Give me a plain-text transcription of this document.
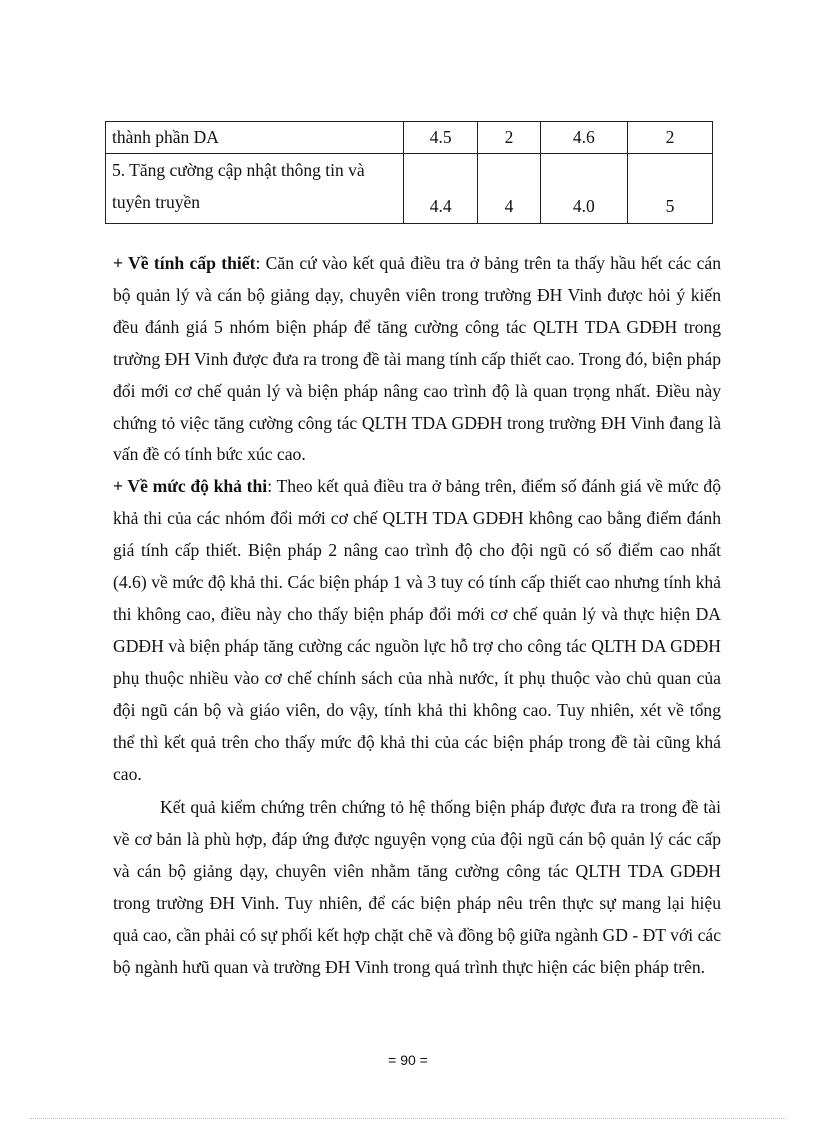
thành phần DA	4.5	2	4.6	2
5. Tăng cường cập nhật thông tin và
tuyên truyền	4.4	4	4.0	5

+ Về tính cấp thiết: Căn cứ vào kết quả điều tra ở bảng trên ta thấy hầu hết các cán bộ quản lý và cán bộ giảng dạy, chuyên viên trong trường ĐH Vinh được hỏi ý kiến đều đánh giá 5 nhóm biện pháp để tăng cường công tác QLTH TDA GDĐH trong trường ĐH Vinh được đưa ra trong đề tài mang tính cấp thiết cao. Trong đó, biện pháp đổi mới cơ chế quản lý và biện pháp nâng cao trình độ là quan trọng nhất. Điều này chứng tỏ việc tăng cường công tác QLTH TDA GDĐH trong trường ĐH Vinh đang là vấn đề có tính bức xúc cao.

+ Về mức độ khả thi: Theo kết quả điều tra ở bảng trên, điểm số đánh giá về mức độ khả thi của các nhóm đổi mới cơ chế QLTH TDA GDĐH không cao bằng điểm đánh giá tính cấp thiết. Biện pháp 2 nâng cao trình độ cho đội ngũ có số điểm cao nhất (4.6) về mức độ khả thi. Các biện pháp 1 và 3 tuy có tính cấp thiết cao nhưng tính khả thi không cao, điều này cho thấy biện pháp đổi mới cơ chế quản lý và thực hiện DA GDĐH và biện pháp tăng cường các nguồn lực hỗ trợ cho công tác QLTH DA GDĐH phụ thuộc nhiều vào cơ chế chính sách của nhà nước, ít phụ thuộc vào chủ quan của đội ngũ cán bộ và giáo viên, do vậy, tính khả thi không cao. Tuy nhiên, xét về tổng thể thì kết quả trên cho thấy mức độ khả thi của các biện pháp trong đề tài cũng khá cao.

Kết quả kiểm chứng trên chứng tỏ hệ thống biện pháp được đưa ra trong đề tài về cơ bản là phù hợp, đáp ứng được nguyện vọng của đội ngũ cán bộ quản lý các cấp và cán bộ giảng dạy, chuyên viên nhằm tăng cường công tác QLTH TDA GDĐH trong trường ĐH Vinh. Tuy nhiên, để các biện pháp nêu trên thực sự mang lại hiệu quả cao, cần phải có sự phối kết hợp chặt chẽ và đồng bộ giữa ngành GD - ĐT với các bộ ngành hưũ quan và trường ĐH Vinh trong quá trình thực hiện các biện pháp trên.

= 90 =
